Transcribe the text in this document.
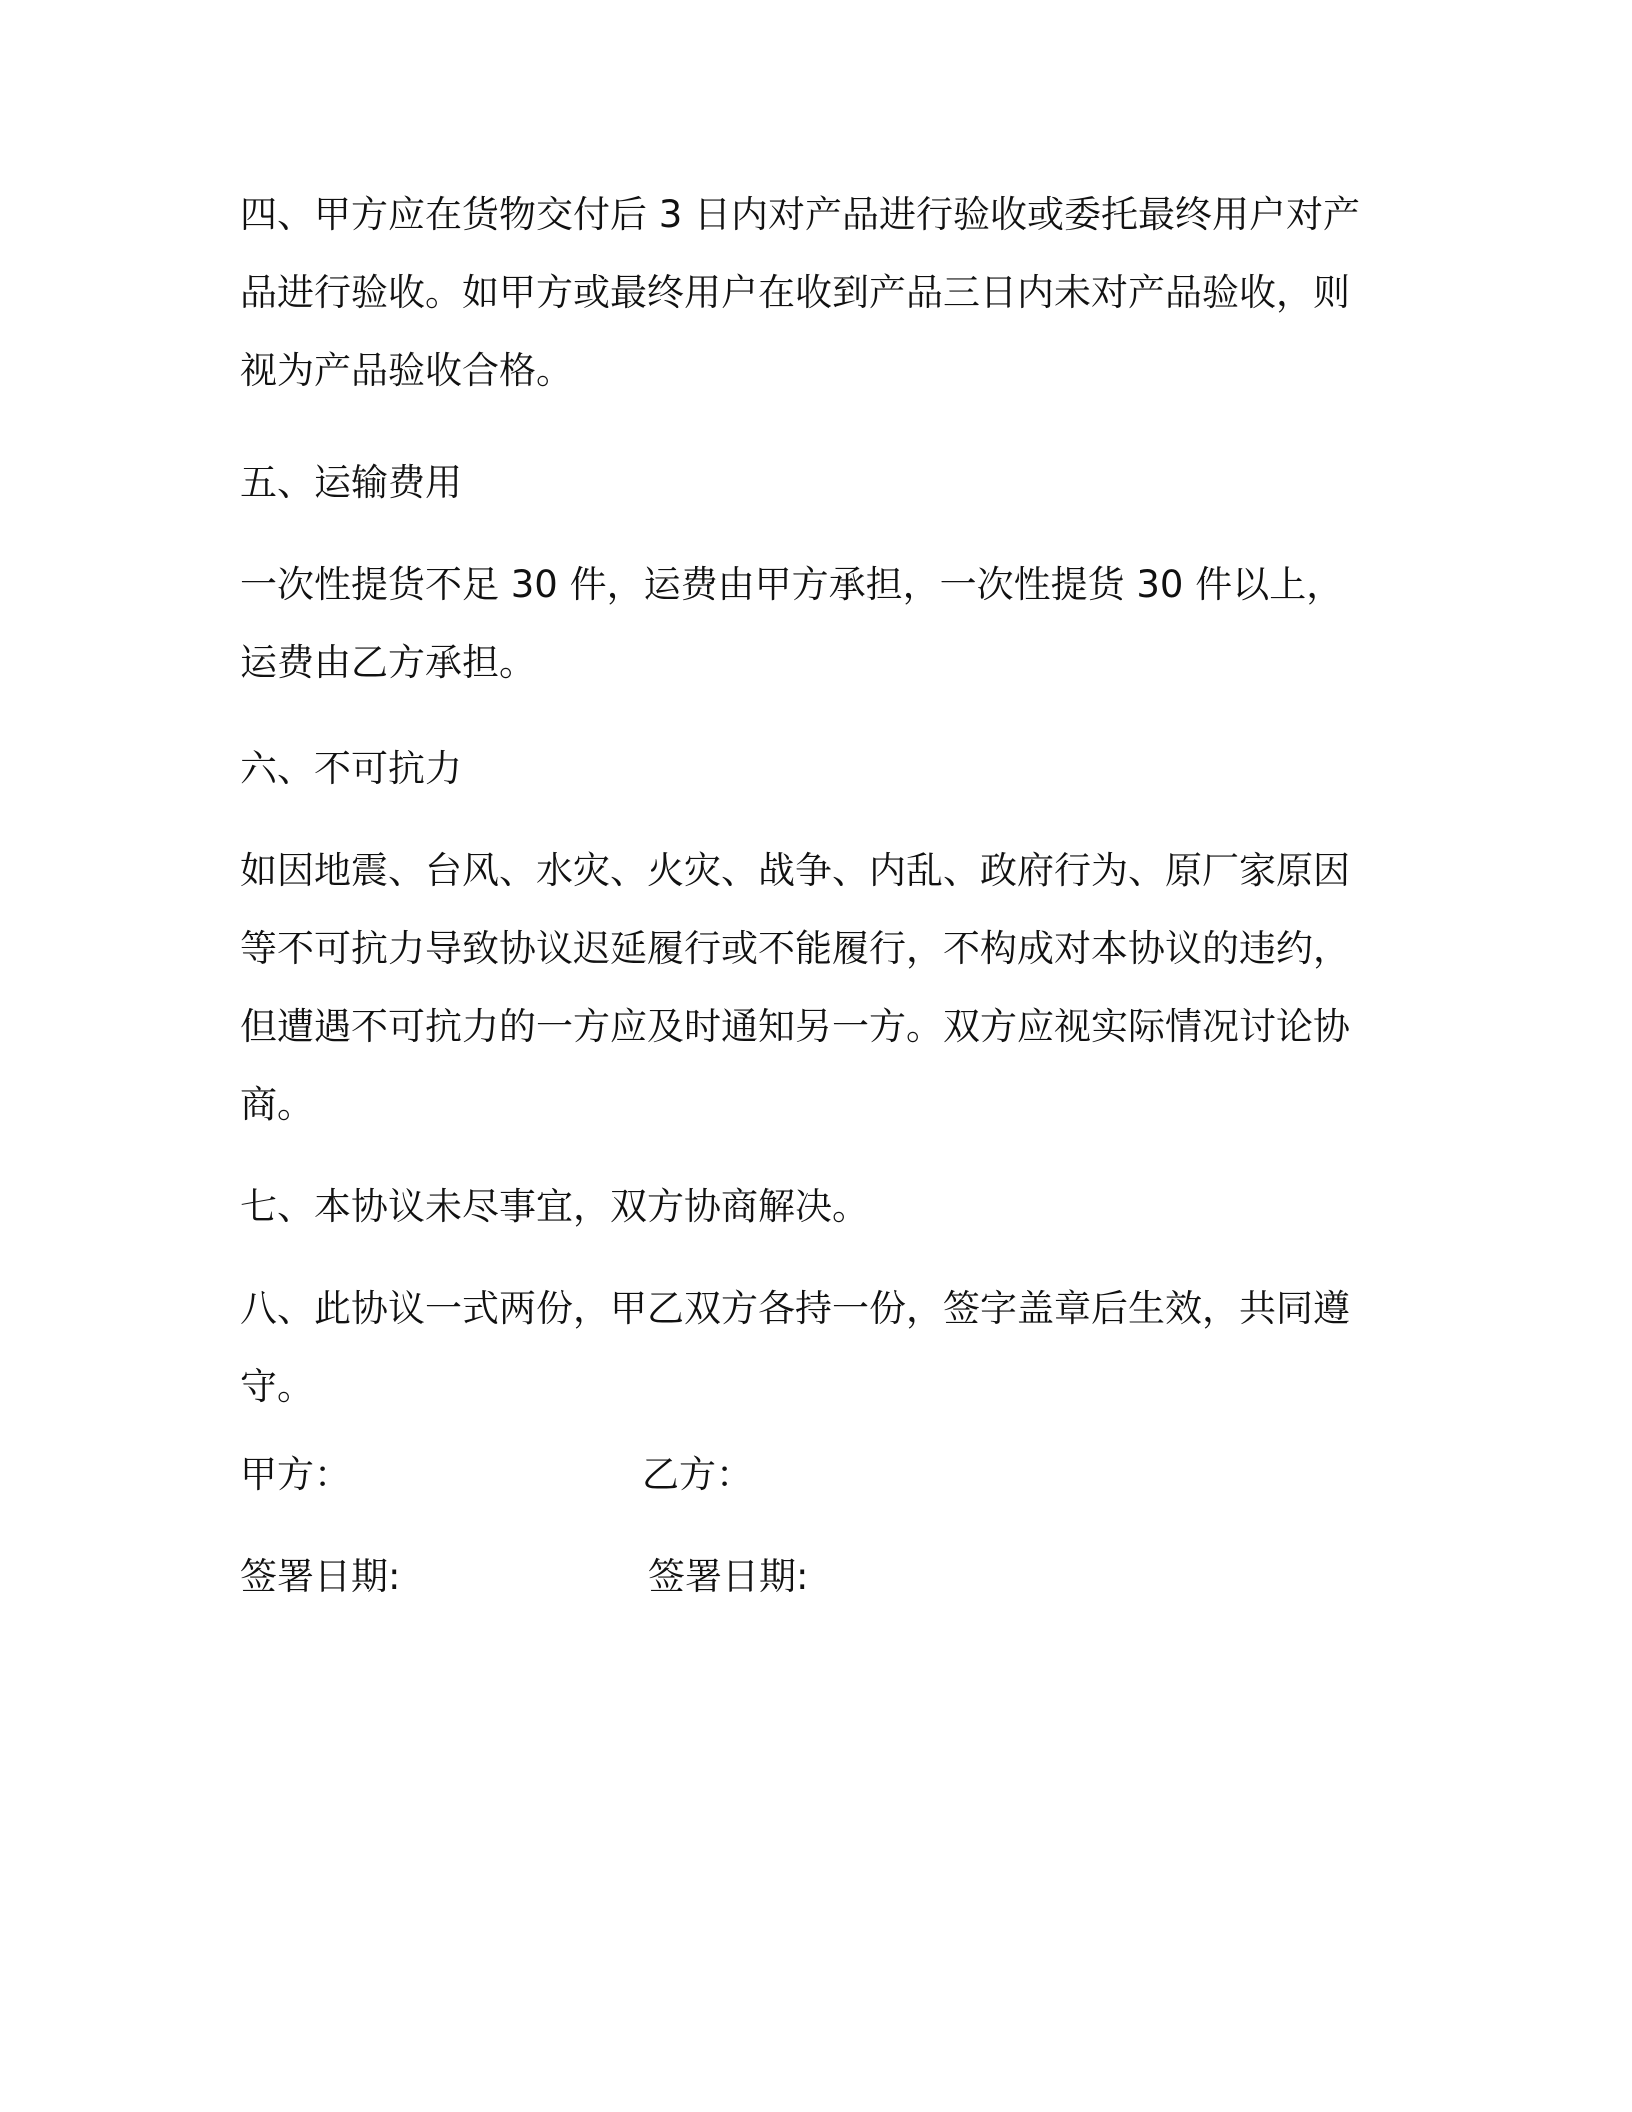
四、甲方应在货物交付后 3 日内对产品进行验收或委托最终用户对产品进行验收。如甲方或最终用户在收到产品三日内未对产品验收，则视为产品验收合格。

五、运输费用

一次性提货不足 30 件，运费由甲方承担，一次性提货 30 件以上，运费由乙方承担。

六、不可抗力

如因地震、台风、水灾、火灾、战争、内乱、政府行为、原厂家原因等不可抗力导致协议迟延履行或不能履行，不构成对本协议的违约，但遭遇不可抗力的一方应及时通知另一方。双方应视实际情况讨论协商。

七、本协议未尽事宜，双方协商解决。

八、此协议一式两份，甲乙双方各持一份，签字盖章后生效，共同遵守。

甲方：	乙方：

签署日期:	签署日期:
